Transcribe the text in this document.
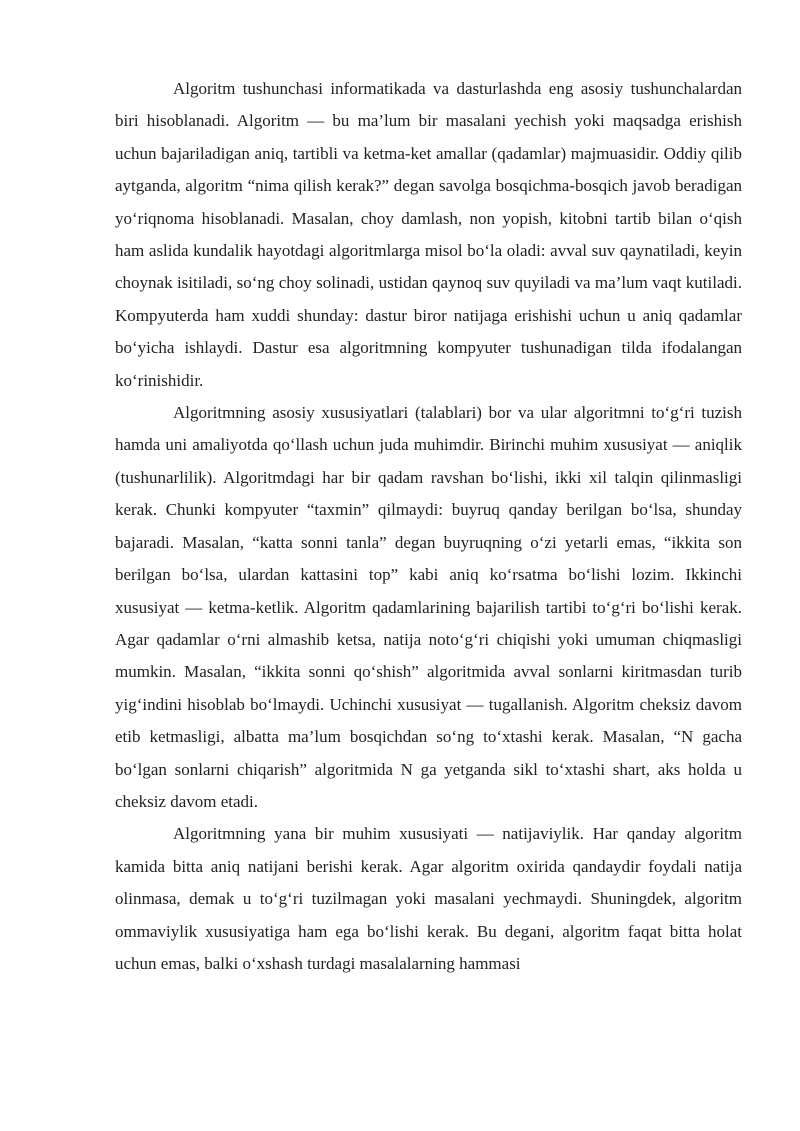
Algoritm tushunchasi informatikada va dasturlashda eng asosiy tushunchalardan biri hisoblanadi. Algoritm — bu ma’lum bir masalani yechish yoki maqsadga erishish uchun bajariladigan aniq, tartibli va ketma-ket amallar (qadamlar) majmuasidir. Oddiy qilib aytganda, algoritm “nima qilish kerak?” degan savolga bosqichma-bosqich javob beradigan yo‘riqnoma hisoblanadi. Masalan, choy damlash, non yopish, kitobni tartib bilan o‘qish ham aslida kundalik hayotdagi algoritmlarga misol bo‘la oladi: avval suv qaynatiladi, keyin choynak isitiladi, so‘ng choy solinadi, ustidan qaynoq suv quyiladi va ma’lum vaqt kutiladi. Kompyuterda ham xuddi shunday: dastur biror natijaga erishishi uchun u aniq qadamlar bo‘yicha ishlaydi. Dastur esa algoritmning kompyuter tushunadigan tilda ifodalangan ko‘rinishidir.

Algoritmning asosiy xususiyatlari (talablari) bor va ular algoritmni to‘g‘ri tuzish hamda uni amaliyotda qo‘llash uchun juda muhimdir. Birinchi muhim xususiyat — aniqlik (tushunarlilik). Algoritmdagi har bir qadam ravshan bo‘lishi, ikki xil talqin qilinmasligi kerak. Chunki kompyuter “taxmin” qilmaydi: buyruq qanday berilgan bo‘lsa, shunday bajaradi. Masalan, “katta sonni tanla” degan buyruqning o‘zi yetarli emas, “ikkita son berilgan bo‘lsa, ulardan kattasini top” kabi aniq ko‘rsatma bo‘lishi lozim. Ikkinchi xususiyat — ketma-ketlik. Algoritm qadamlarining bajarilish tartibi to‘g‘ri bo‘lishi kerak. Agar qadamlar o‘rni almashib ketsa, natija noto‘g‘ri chiqishi yoki umuman chiqmasligi mumkin. Masalan, “ikkita sonni qo‘shish” algoritmida avval sonlarni kiritmasdan turib yig‘indini hisoblab bo‘lmaydi. Uchinchi xususiyat — tugallanish. Algoritm cheksiz davom etib ketmasligi, albatta ma’lum bosqichdan so‘ng to‘xtashi kerak. Masalan, “N gacha bo‘lgan sonlarni chiqarish” algoritmida N ga yetganda sikl to‘xtashi shart, aks holda u cheksiz davom etadi.

Algoritmning yana bir muhim xususiyati — natijaviylik. Har qanday algoritm kamida bitta aniq natijani berishi kerak. Agar algoritm oxirida qandaydir foydali natija olinmasa, demak u to‘g‘ri tuzilmagan yoki masalani yechmaydi. Shuningdek, algoritm ommaviylik xususiyatiga ham ega bo‘lishi kerak. Bu degani, algoritm faqat bitta holat uchun emas, balki o‘xshash turdagi masalalarning hammasi
